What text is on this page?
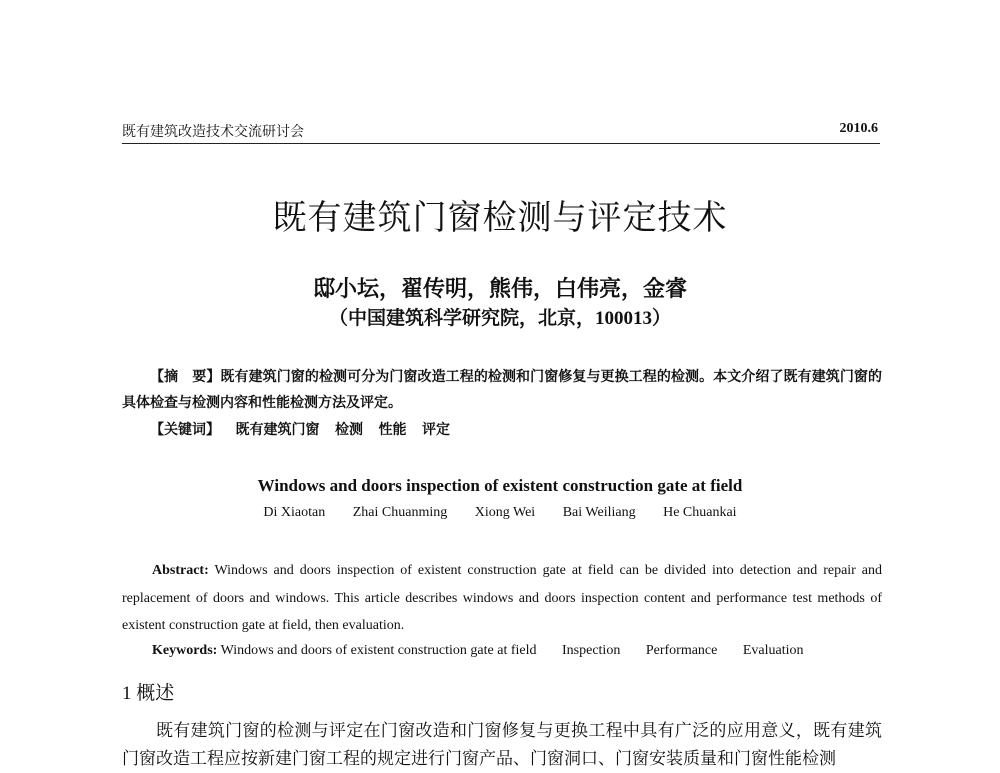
既有建筑改造技术交流研讨会	2010.6
既有建筑门窗检测与评定技术
邸小坛，翟传明，熊伟，白伟亮，金睿
（中国建筑科学研究院，北京，100013）
【摘　要】既有建筑门窗的检测可分为门窗改造工程的检测和门窗修复与更换工程的检测。本文介绍了既有建筑门窗的具体检查与检测内容和性能检测方法及评定。
【关键词】 既有建筑门窗 检测 性能 评定
Windows and doors inspection of existent construction gate at field
Di Xiaotan Zhai Chuanming Xiong Wei Bai Weiliang He Chuankai
Abstract: Windows and doors inspection of existent construction gate at field can be divided into detection and repair and replacement of doors and windows. This article describes windows and doors inspection content and performance test methods of existent construction gate at field, then evaluation.
Keywords: Windows and doors of existent construction gate at field Inspection Performance Evaluation
1 概述
既有建筑门窗的检测与评定在门窗改造和门窗修复与更换工程中具有广泛的应用意义，既有建筑门窗改造工程应按新建门窗工程的规定进行门窗产品、门窗洞口、门窗安装质量和门窗性能检测
